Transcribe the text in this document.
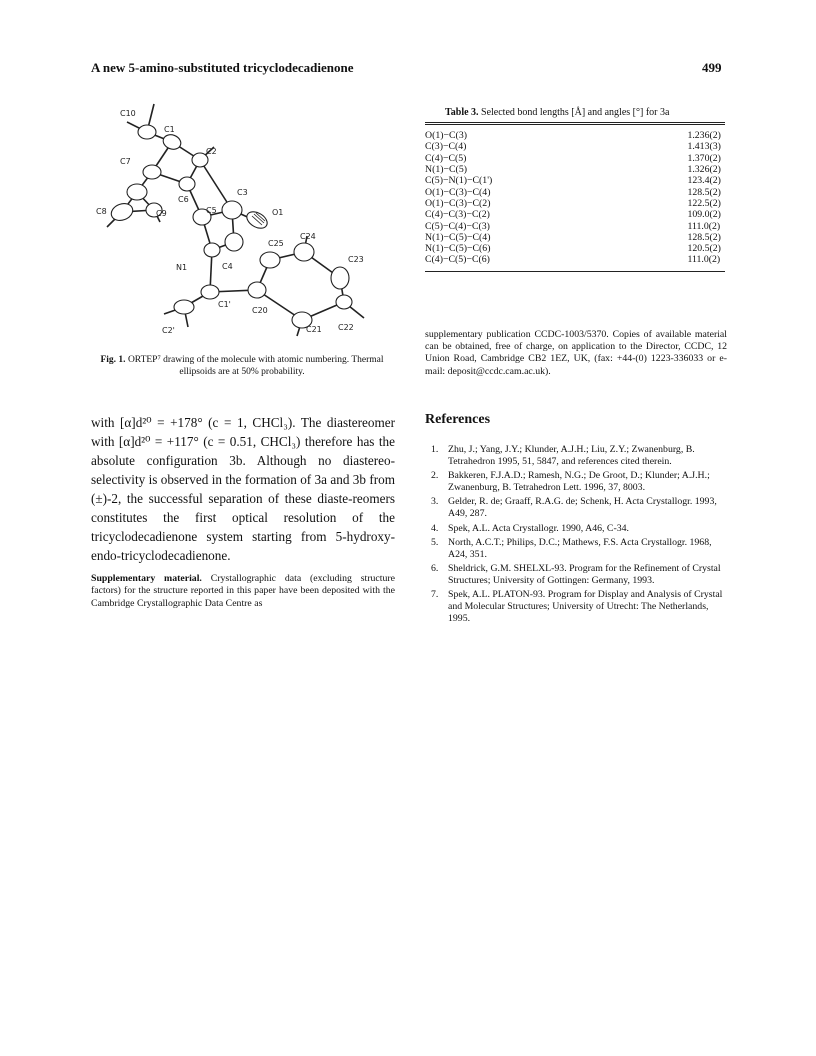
A new 5-amino-substituted tricyclodecadienone	499
C10
C1
C7
C2
C6
C3
C8	C9	C5	O1
C24
C25
C23
N1	C4
C1'
C20
C2'	C21 C22
Fig. 1. ORTEP⁷ drawing of the molecule with atomic numbering. Thermal ellipsoids are at 50% probability.

with [α]d²⁰ = +178° (c = 1, CHCl₃). The diastereomer with [α]d²⁰ = +117° (c = 0.51, CHCl₃) therefore has the absolute configuration 3b. Although no diastereo-selectivity is observed in the formation of 3a and 3b from (±)-2, the successful separation of these diaste-reomers constitutes the first optical resolution of the tricyclodecadienone system starting from 5-hydroxy-endo-tricyclodecadienone.

Supplementary material. Crystallographic data (excluding structure factors) for the structure reported in this paper have been deposited with the Cambridge Crystallographic Data Centre as
Table 3. Selected bond lengths [Å] and angles [°] for 3a
O(1)−C(3)	1.236(2)
C(3)−C(4)	1.413(3)
C(4)−C(5)	1.370(2)
N(1)−C(5)	1.326(2)
C(5)−N(1)−C(1')	123.4(2)
O(1)−C(3)−C(4)	128.5(2)
O(1)−C(3)−C(2)	122.5(2)
C(4)−C(3)−C(2)	109.0(2)
C(5)−C(4)−C(3)	111.0(2)
N(1)−C(5)−C(4)	128.5(2)
N(1)−C(5)−C(6)	120.5(2)
C(4)−C(5)−C(6)	111.0(2)
supplementary publication CCDC-1003/5370. Copies of available material can be obtained, free of charge, on application to the Director, CCDC, 12 Union Road, Cambridge CB2 1EZ, UK, (fax: +44-(0) 1223-336033 or e-mail: deposit@ccdc.cam.ac.uk).
References
1. Zhu, J.; Yang, J.Y.; Klunder, A.J.H.; Liu, Z.Y.; Zwanenburg, B. Tetrahedron 1995, 51, 5847, and references cited therein.
2. Bakkeren, F.J.A.D.; Ramesh, N.G.; De Groot, D.; Klunder; A.J.H.; Zwanenburg, B. Tetrahedron Lett. 1996, 37, 8003.
3. Gelder, R. de; Graaff, R.A.G. de; Schenk, H. Acta Crystallogr. 1993, A49, 287.
4. Spek, A.L. Acta Crystallogr. 1990, A46, C-34.
5. North, A.C.T.; Philips, D.C.; Mathews, F.S. Acta Crystallogr. 1968, A24, 351.
6. Sheldrick, G.M. SHELXL-93. Program for the Refinement of Crystal Structures; University of Gottingen: Germany, 1993.
7. Spek, A.L. PLATON-93. Program for Display and Analysis of Crystal and Molecular Structures; University of Utrecht: The Netherlands, 1995.
